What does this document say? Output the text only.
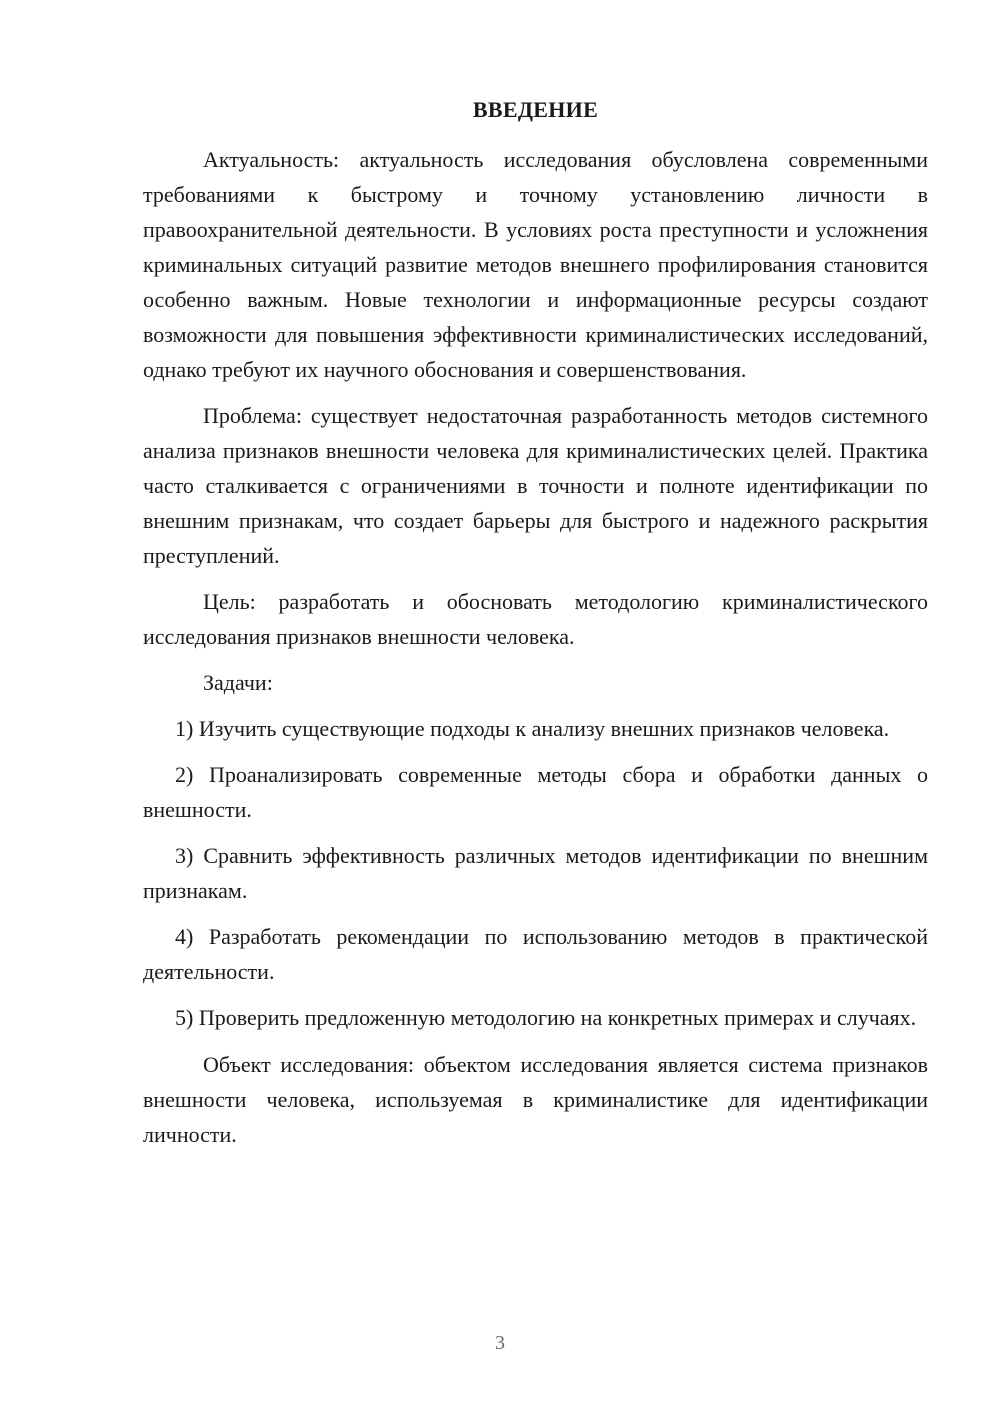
ВВЕДЕНИЕ

Актуальность: актуальность исследования обусловлена современными требованиями к быстрому и точному установлению личности в правоохранительной деятельности. В условиях роста преступности и усложнения криминальных ситуаций развитие методов внешнего профилирования становится особенно важным. Новые технологии и информационные ресурсы создают возможности для повышения эффективности криминалистических исследований, однако требуют их научного обоснования и совершенствования.

Проблема: существует недостаточная разработанность методов системного анализа признаков внешности человека для криминалистических целей. Практика часто сталкивается с ограничениями в точности и полноте идентификации по внешним признакам, что создает барьеры для быстрого и надежного раскрытия преступлений.

Цель: разработать и обосновать методологию криминалистического исследования признаков внешности человека.

Задачи:

1) Изучить существующие подходы к анализу внешних признаков человека.

2) Проанализировать современные методы сбора и обработки данных о внешности.

3) Сравнить эффективность различных методов идентификации по внешним признакам.

4) Разработать рекомендации по использованию методов в практической деятельности.

5) Проверить предложенную методологию на конкретных примерах и случаях.

Объект исследования: объектом исследования является система признаков внешности человека, используемая в криминалистике для идентификации личности.

3
